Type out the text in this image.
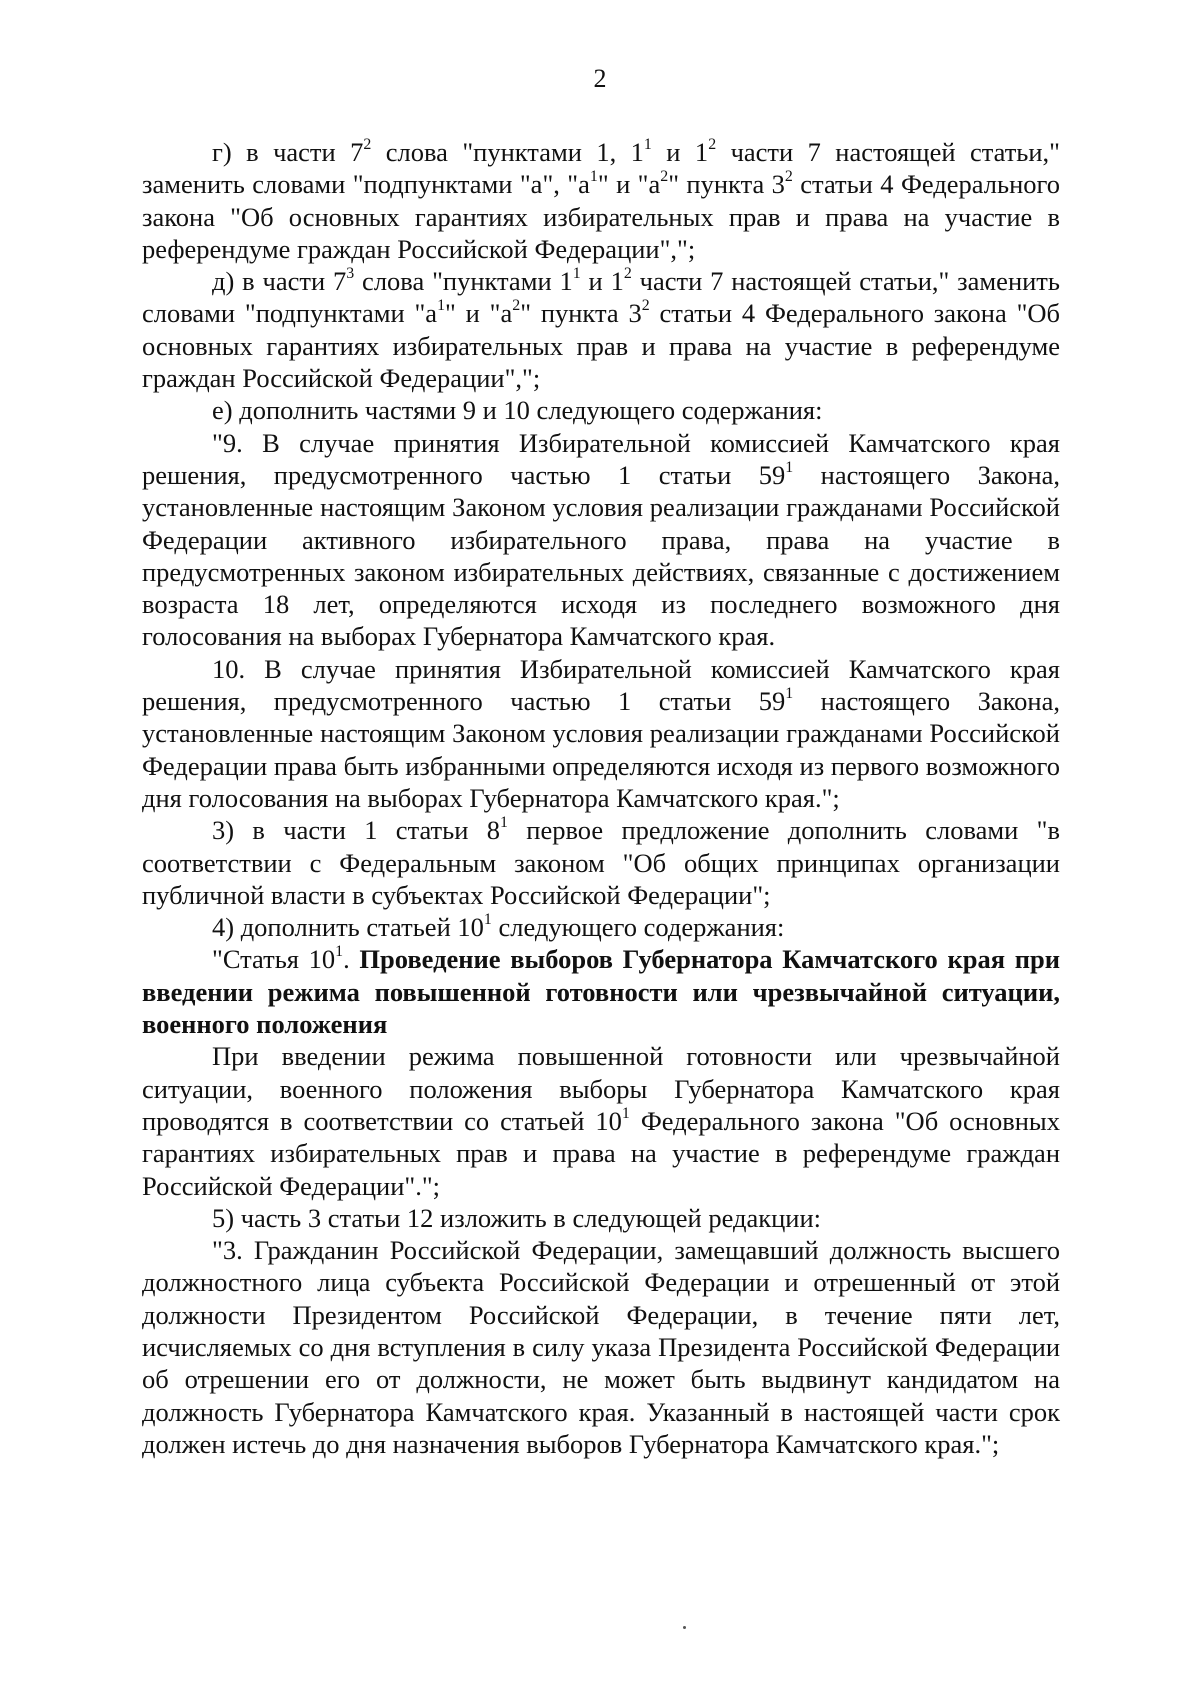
2

г) в части $7^2$ слова "пунктами 1, $1^1$ и $1^2$ части 7 настоящей статьи," заменить словами "подпунктами "а", "$а^1$" и "$а^2$" пункта $3^2$ статьи 4 Федерального закона "Об основных гарантиях избирательных прав и права на участие в референдуме граждан Российской Федерации",";

д) в части $7^3$ слова "пунктами $1^1$ и $1^2$ части 7 настоящей статьи," заменить словами "подпунктами "$а^1$" и "$а^2$" пункта $3^2$ статьи 4 Федерального закона "Об основных гарантиях избирательных прав и права на участие в референдуме граждан Российской Федерации",";

е) дополнить частями 9 и 10 следующего содержания:

"9. В случае принятия Избирательной комиссией Камчатского края решения, предусмотренного частью 1 статьи $59^1$ настоящего Закона, установленные настоящим Законом условия реализации гражданами Российской Федерации активного избирательного права, права на участие в предусмотренных законом избирательных действиях, связанные с достижением возраста 18 лет, определяются исходя из последнего возможного дня голосования на выборах Губернатора Камчатского края.

10. В случае принятия Избирательной комиссией Камчатского края решения, предусмотренного частью 1 статьи $59^1$ настоящего Закона, установленные настоящим Законом условия реализации гражданами Российской Федерации права быть избранными определяются исходя из первого возможного дня голосования на выборах Губернатора Камчатского края.";

3) в части 1 статьи $8^1$ первое предложение дополнить словами "в соответствии с Федеральным законом "Об общих принципах организации публичной власти в субъектах Российской Федерации";

4) дополнить статьей $10^1$ следующего содержания:

"Статья $10^1$. Проведение выборов Губернатора Камчатского края при введении режима повышенной готовности или чрезвычайной ситуации, военного положения

При введении режима повышенной готовности или чрезвычайной ситуации, военного положения выборы Губернатора Камчатского края проводятся в соответствии со статьей $10^1$ Федерального закона "Об основных гарантиях избирательных прав и права на участие в референдуме граждан Российской Федерации".";

5) часть 3 статьи 12 изложить в следующей редакции:

"3. Гражданин Российской Федерации, замещавший должность высшего должностного лица субъекта Российской Федерации и отрешенный от этой должности Президентом Российской Федерации, в течение пяти лет, исчисляемых со дня вступления в силу указа Президента Российской Федерации об отрешении его от должности, не может быть выдвинут кандидатом на должность Губернатора Камчатского края. Указанный в настоящей части срок должен истечь до дня назначения выборов Губернатора Камчатского края.";
